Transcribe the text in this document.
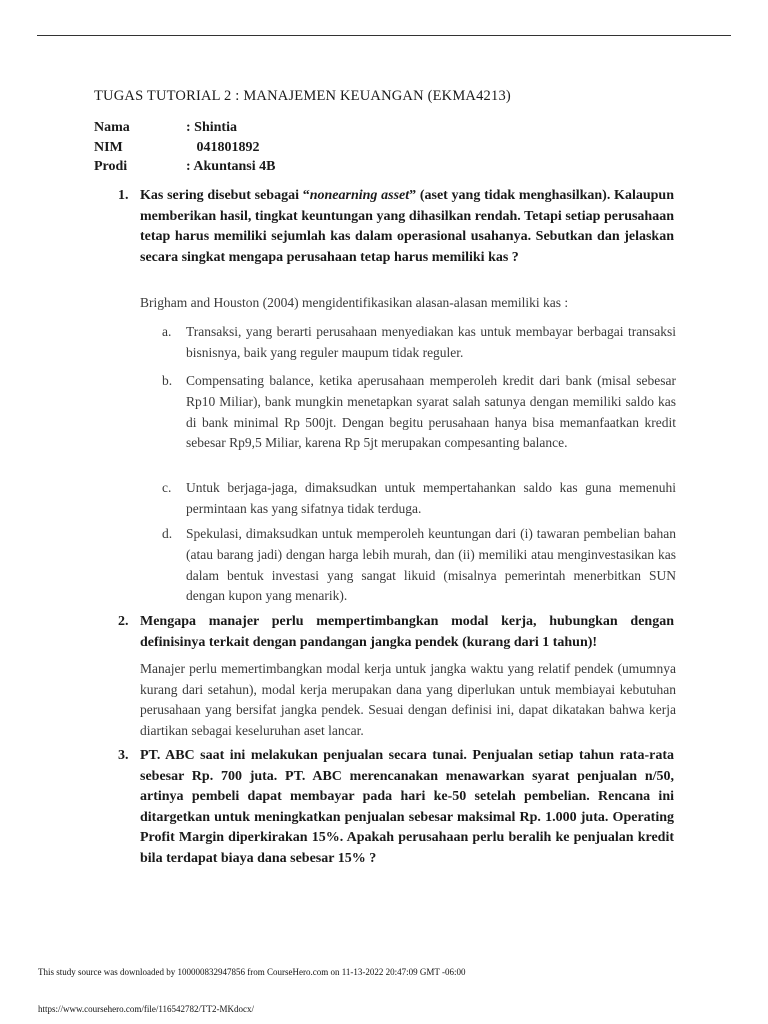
TUGAS TUTORIAL 2 : MANAJEMEN KEUANGAN (EKMA4213)
Nama	: Shintia
NIM	041801892
Prodi	: Akuntansi 4B
1. Kas sering disebut sebagai “nonearning asset” (aset yang tidak menghasilkan). Kalaupun memberikan hasil, tingkat keuntungan yang dihasilkan rendah. Tetapi setiap perusahaan tetap harus memiliki sejumlah kas dalam operasional usahanya. Sebutkan dan jelaskan secara singkat mengapa perusahaan tetap harus memiliki kas ?
Brigham and Houston (2004) mengidentifikasikan alasan-alasan memiliki kas :
a. Transaksi, yang berarti perusahaan menyediakan kas untuk membayar berbagai transaksi bisnisnya, baik yang reguler maupum tidak reguler.
b. Compensating balance, ketika aperusahaan memperoleh kredit dari bank (misal sebesar Rp10 Miliar), bank mungkin menetapkan syarat salah satunya dengan memiliki saldo kas di bank minimal Rp 500jt. Dengan begitu perusahaan hanya bisa memanfaatkan kredit sebesar Rp9,5 Miliar, karena Rp 5jt merupakan compesanting balance.
c. Untuk berjaga-jaga, dimaksudkan untuk mempertahankan saldo kas guna memenuhi permintaan kas yang sifatnya tidak terduga.
d. Spekulasi, dimaksudkan untuk memperoleh keuntungan dari (i) tawaran pembelian bahan (atau barang jadi) dengan harga lebih murah, dan (ii) memiliki atau menginvestasikan kas dalam bentuk investasi yang sangat likuid (misalnya pemerintah menerbitkan SUN dengan kupon yang menarik).
2. Mengapa manajer perlu mempertimbangkan modal kerja, hubungkan dengan definisinya terkait dengan pandangan jangka pendek (kurang dari 1 tahun)!
Manajer perlu memertimbangkan modal kerja untuk jangka waktu yang relatif pendek (umumnya kurang dari setahun), modal kerja merupakan dana yang diperlukan untuk membiayai kebutuhan perusahaan yang bersifat jangka pendek. Sesuai dengan definisi ini, dapat dikatakan bahwa kerja diartikan sebagai keseluruhan aset lancar.
3. PT. ABC saat ini melakukan penjualan secara tunai. Penjualan setiap tahun rata-rata sebesar Rp. 700 juta. PT. ABC merencanakan menawarkan syarat penjualan n/50, artinya pembeli dapat membayar pada hari ke-50 setelah pembelian. Rencana ini ditargetkan untuk meningkatkan penjualan sebesar maksimal Rp. 1.000 juta. Operating Profit Margin diperkirakan 15%. Apakah perusahaan perlu beralih ke penjualan kredit bila terdapat biaya dana sebesar 15% ?
This study source was downloaded by 100000832947856 from CourseHero.com on 11-13-2022 20:47:09 GMT -06:00
https://www.coursehero.com/file/116542782/TT2-MKdocx/
